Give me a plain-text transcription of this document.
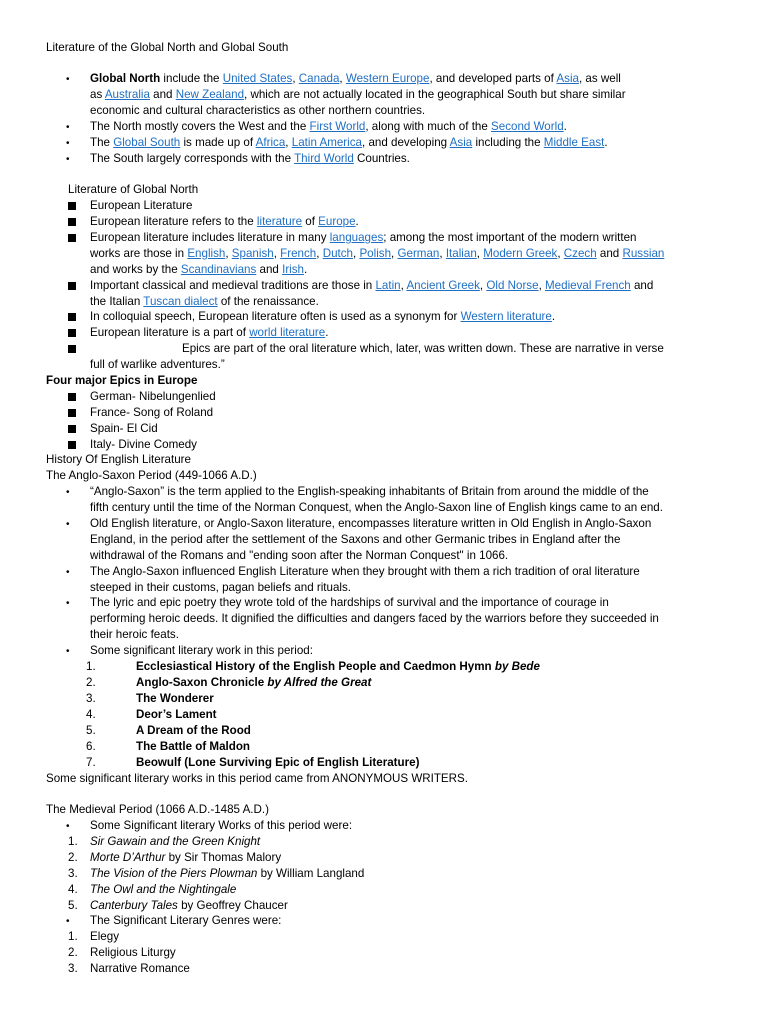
Literature of the Global North and Global South
• Global North include the United States, Canada, Western Europe, and developed parts of Asia, as well
as Australia and New Zealand, which are not actually located in the geographical South but share similar
economic and cultural characteristics as other northern countries.
• The North mostly covers the West and the First World, along with much of the Second World.
• The Global South is made up of Africa, Latin America, and developing Asia including the Middle East.
• The South largely corresponds with the Third World Countries.
Literature of Global North
European Literature
European literature refers to the literature of Europe.
European literature includes literature in many languages; among the most important of the modern written
works are those in English, Spanish, French, Dutch, Polish, German, Italian, Modern Greek, Czech and Russian
and works by the Scandinavians and Irish.
Important classical and medieval traditions are those in Latin, Ancient Greek, Old Norse, Medieval French and
the Italian Tuscan dialect of the renaissance.
In colloquial speech, European literature often is used as a synonym for Western literature.
European literature is a part of world literature.
Epics are part of the oral literature which, later, was written down. These are narrative in verse
full of warlike adventures.”
Four major Epics in Europe
German- Nibelungenlied
France- Song of Roland
Spain- El Cid
Italy- Divine Comedy
History Of English Literature
The Anglo-Saxon Period (449-1066 A.D.)
• “Anglo-Saxon” is the term applied to the English-speaking inhabitants of Britain from around the middle of the
fifth century until the time of the Norman Conquest, when the Anglo-Saxon line of English kings came to an end.
• Old English literature, or Anglo-Saxon literature, encompasses literature written in Old English in Anglo-Saxon
England, in the period after the settlement of the Saxons and other Germanic tribes in England after the
withdrawal of the Romans and "ending soon after the Norman Conquest" in 1066.
• The Anglo-Saxon influenced English Literature when they brought with them a rich tradition of oral literature
steeped in their customs, pagan beliefs and rituals.
• The lyric and epic poetry they wrote told of the hardships of survival and the importance of courage in
performing heroic deeds. It dignified the difficulties and dangers faced by the warriors before they succeeded in
their heroic feats.
• Some significant literary work in this period:
1.	Ecclesiastical History of the English People and Caedmon Hymn by Bede
2.	Anglo-Saxon Chronicle by Alfred the Great
3.	The Wonderer
4.	Deor’s Lament
5.	A Dream of the Rood
6.	The Battle of Maldon
7.	Beowulf (Lone Surviving Epic of English Literature)
Some significant literary works in this period came from ANONYMOUS WRITERS.
The Medieval Period (1066 A.D.-1485 A.D.)
• Some Significant literary Works of this period were:
1. Sir Gawain and the Green Knight
2. Morte D’Arthur by Sir Thomas Malory
3. The Vision of the Piers Plowman by William Langland
4. The Owl and the Nightingale
5. Canterbury Tales by Geoffrey Chaucer
• The Significant Literary Genres were:
1. Elegy
2. Religious Liturgy
3. Narrative Romance
